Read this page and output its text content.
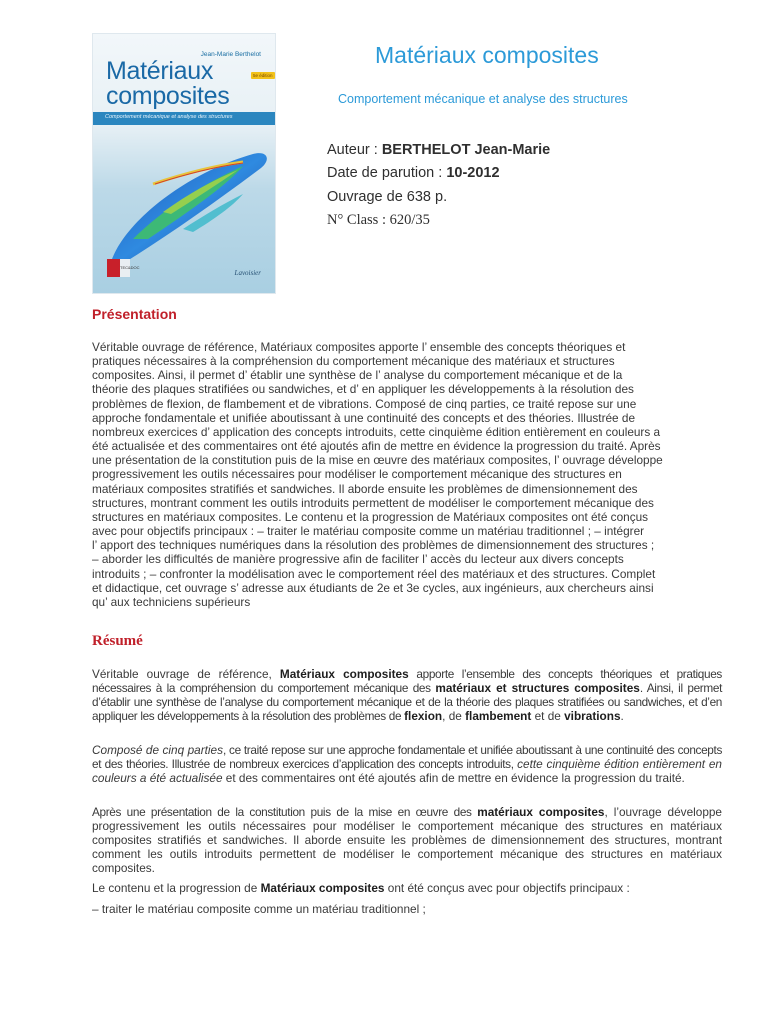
Jean-Marie Berthelot
Matériaux
composites
5e édition
Comportement mécanique et analyse des structures
TEC&DOC
Lavoisier
Matériaux composites
Comportement mécanique et analyse des structures
Auteur : BERTHELOT Jean-Marie
Date de parution : 10-2012
Ouvrage de 638 p.
N° Class : 620/35
Présentation
Véritable ouvrage de référence, Matériaux composites apporte l’ ensemble des concepts théoriques et
pratiques nécessaires à la compréhension du comportement mécanique des matériaux et structures
composites. Ainsi, il permet d’ établir une synthèse de l’ analyse du comportement mécanique et de la
théorie des plaques stratifiées ou sandwiches, et d’ en appliquer les développements à la résolution des
problèmes de flexion, de flambement et de vibrations. Composé de cinq parties, ce traité repose sur une
approche fondamentale et unifiée aboutissant à une continuité des concepts et des théories. Illustrée de
nombreux exercices d’ application des concepts introduits, cette cinquième édition entièrement en couleurs a
été actualisée et des commentaires ont été ajoutés afin de mettre en évidence la progression du traité. Après
une présentation de la constitution puis de la mise en œuvre des matériaux composites, l’ ouvrage développe
progressivement les outils nécessaires pour modéliser le comportement mécanique des structures en
matériaux composites stratifiés et sandwiches. Il aborde ensuite les problèmes de dimensionnement des
structures, montrant comment les outils introduits permettent de modéliser le comportement mécanique des
structures en matériaux composites. Le contenu et la progression de Matériaux composites ont été conçus
avec pour objectifs principaux : – traiter le matériau composite comme un matériau traditionnel ; – intégrer
l’ apport des techniques numériques dans la résolution des problèmes de dimensionnement des structures ;
– aborder les difficultés de manière progressive afin de faciliter l’ accès du lecteur aux divers concepts
introduits ; – confronter la modélisation avec le comportement réel des matériaux et des structures. Complet
et didactique, cet ouvrage s’ adresse aux étudiants de 2e et 3e cycles, aux ingénieurs, aux chercheurs ainsi
qu’ aux techniciens supérieurs
Résumé
Véritable ouvrage de référence, Matériaux composites apporte l’ensemble des concepts théoriques et pratiques nécessaires à la compréhension du comportement mécanique des matériaux et structures composites. Ainsi, il permet d’établir une synthèse de l’analyse du comportement mécanique et de la théorie des plaques stratifiées ou sandwiches, et d’en appliquer les développements à la résolution des problèmes de flexion, de flambement et de vibrations.
Composé de cinq parties, ce traité repose sur une approche fondamentale et unifiée aboutissant à une continuité des concepts et des théories. Illustrée de nombreux exercices d’application des concepts introduits, cette cinquième édition entièrement en couleurs a été actualisée et des commentaires ont été ajoutés afin de mettre en évidence la progression du traité.
Après une présentation de la constitution puis de la mise en œuvre des matériaux composites, l’ouvrage développe progressivement les outils nécessaires pour modéliser le comportement mécanique des structures en matériaux composites stratifiés et sandwiches. Il aborde ensuite les problèmes de dimensionnement des structures, montrant comment les outils introduits permettent de modéliser le comportement mécanique des structures en matériaux composites.
Le contenu et la progression de Matériaux composites ont été conçus avec pour objectifs principaux :
– traiter le matériau composite comme un matériau traditionnel ;
